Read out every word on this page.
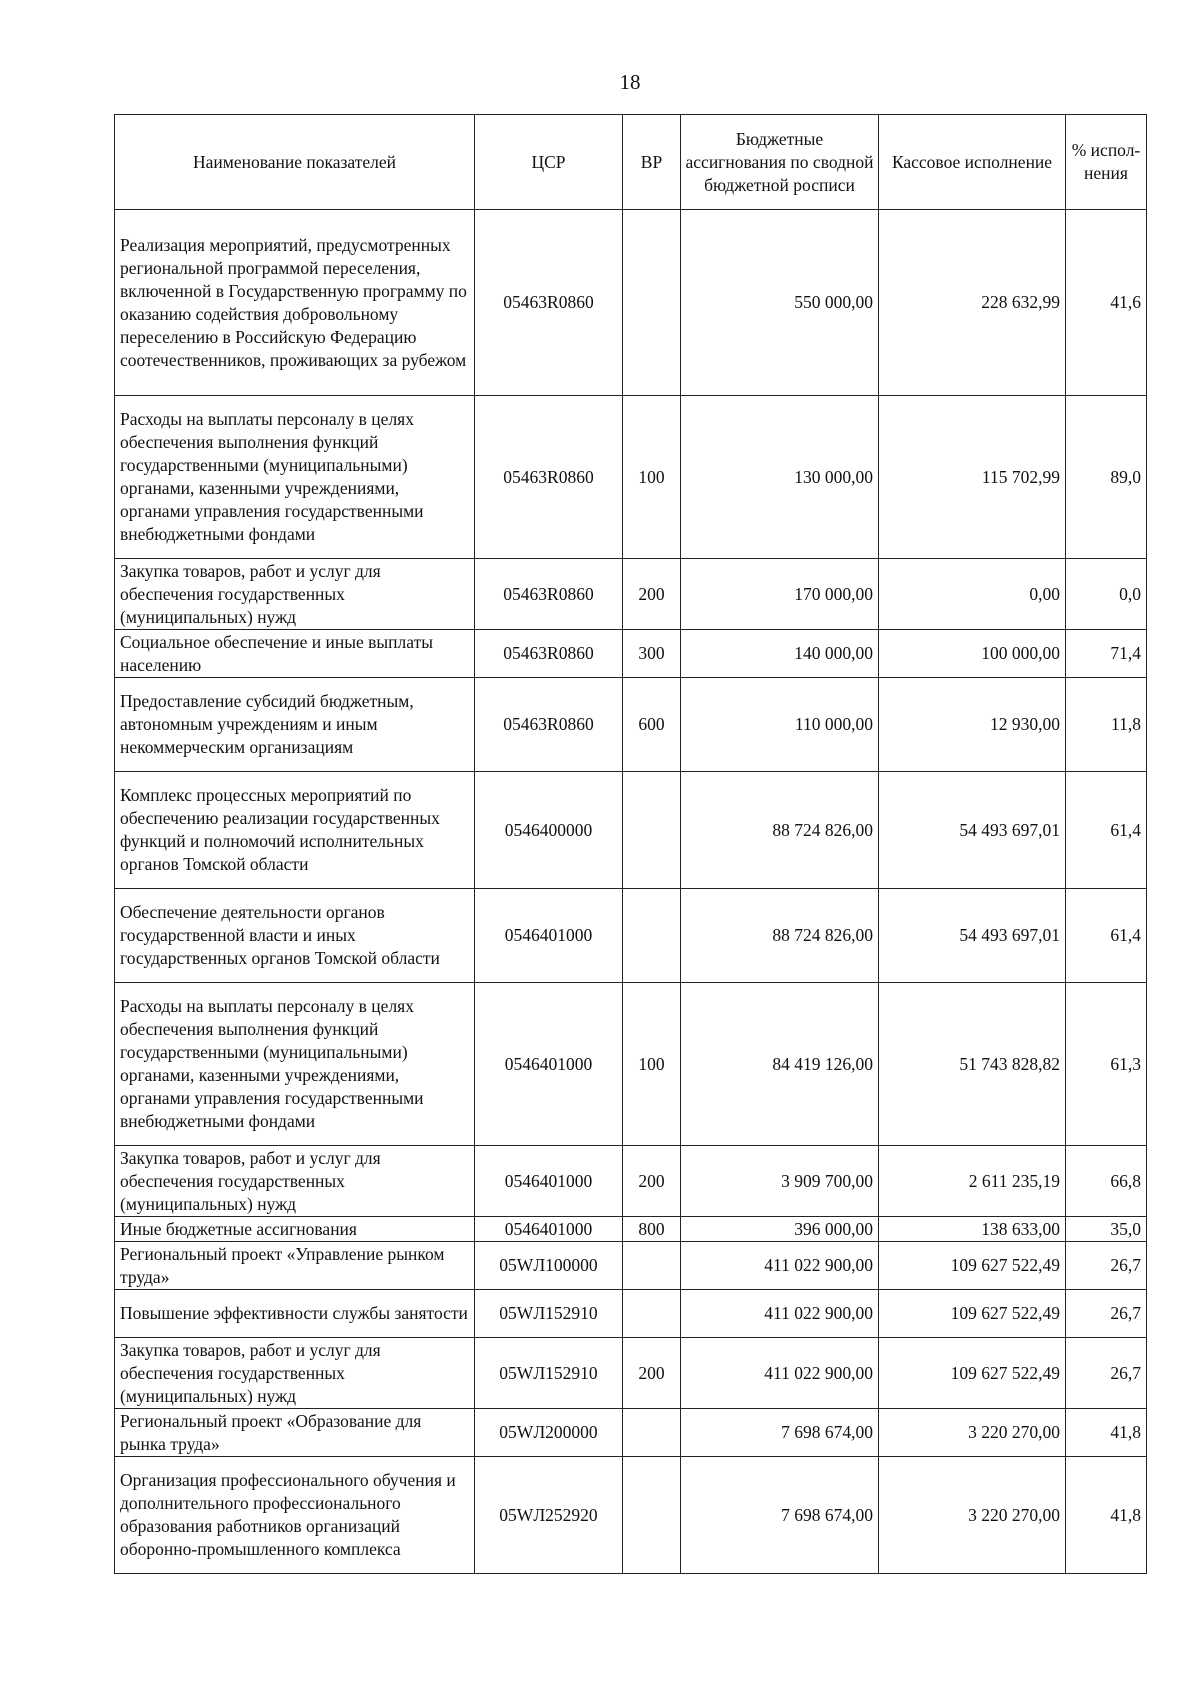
18
Наименование показателей	ЦСР	ВР	Бюджетные ассигнования по сводной бюджетной росписи	Кассовое исполнение	% испол-нения
Реализация мероприятий, предусмотренных региональной программой переселения, включенной в Государственную программу по оказанию содействия добровольному переселению в Российскую Федерацию соотечественников, проживающих за рубежом	05463R0860		550 000,00	228 632,99	41,6
Расходы на выплаты персоналу в целях обеспечения выполнения функций государственными (муниципальными) органами, казенными учреждениями, органами управления государственными внебюджетными фондами	05463R0860	100	130 000,00	115 702,99	89,0
Закупка товаров, работ и услуг для обеспечения государственных (муниципальных) нужд	05463R0860	200	170 000,00	0,00	0,0
Социальное обеспечение и иные выплаты населению	05463R0860	300	140 000,00	100 000,00	71,4
Предоставление субсидий бюджетным, автономным учреждениям и иным некоммерческим организациям	05463R0860	600	110 000,00	12 930,00	11,8
Комплекс процессных мероприятий по обеспечению реализации государственных функций и полномочий исполнительных органов Томской области	0546400000		88 724 826,00	54 493 697,01	61,4
Обеспечение деятельности органов государственной власти и иных государственных органов Томской области	0546401000		88 724 826,00	54 493 697,01	61,4
Расходы на выплаты персоналу в целях обеспечения выполнения функций государственными (муниципальными) органами, казенными учреждениями, органами управления государственными внебюджетными фондами	0546401000	100	84 419 126,00	51 743 828,82	61,3
Закупка товаров, работ и услуг для обеспечения государственных (муниципальных) нужд	0546401000	200	3 909 700,00	2 611 235,19	66,8
Иные бюджетные ассигнования	0546401000	800	396 000,00	138 633,00	35,0
Региональный проект «Управление рынком труда»	05WЛ100000		411 022 900,00	109 627 522,49	26,7
Повышение эффективности службы занятости	05WЛ152910		411 022 900,00	109 627 522,49	26,7
Закупка товаров, работ и услуг для обеспечения государственных (муниципальных) нужд	05WЛ152910	200	411 022 900,00	109 627 522,49	26,7
Региональный проект «Образование для рынка труда»	05WЛ200000		7 698 674,00	3 220 270,00	41,8
Организация профессионального обучения и дополнительного профессионального образования работников организаций оборонно-промышленного комплекса	05WЛ252920		7 698 674,00	3 220 270,00	41,8
